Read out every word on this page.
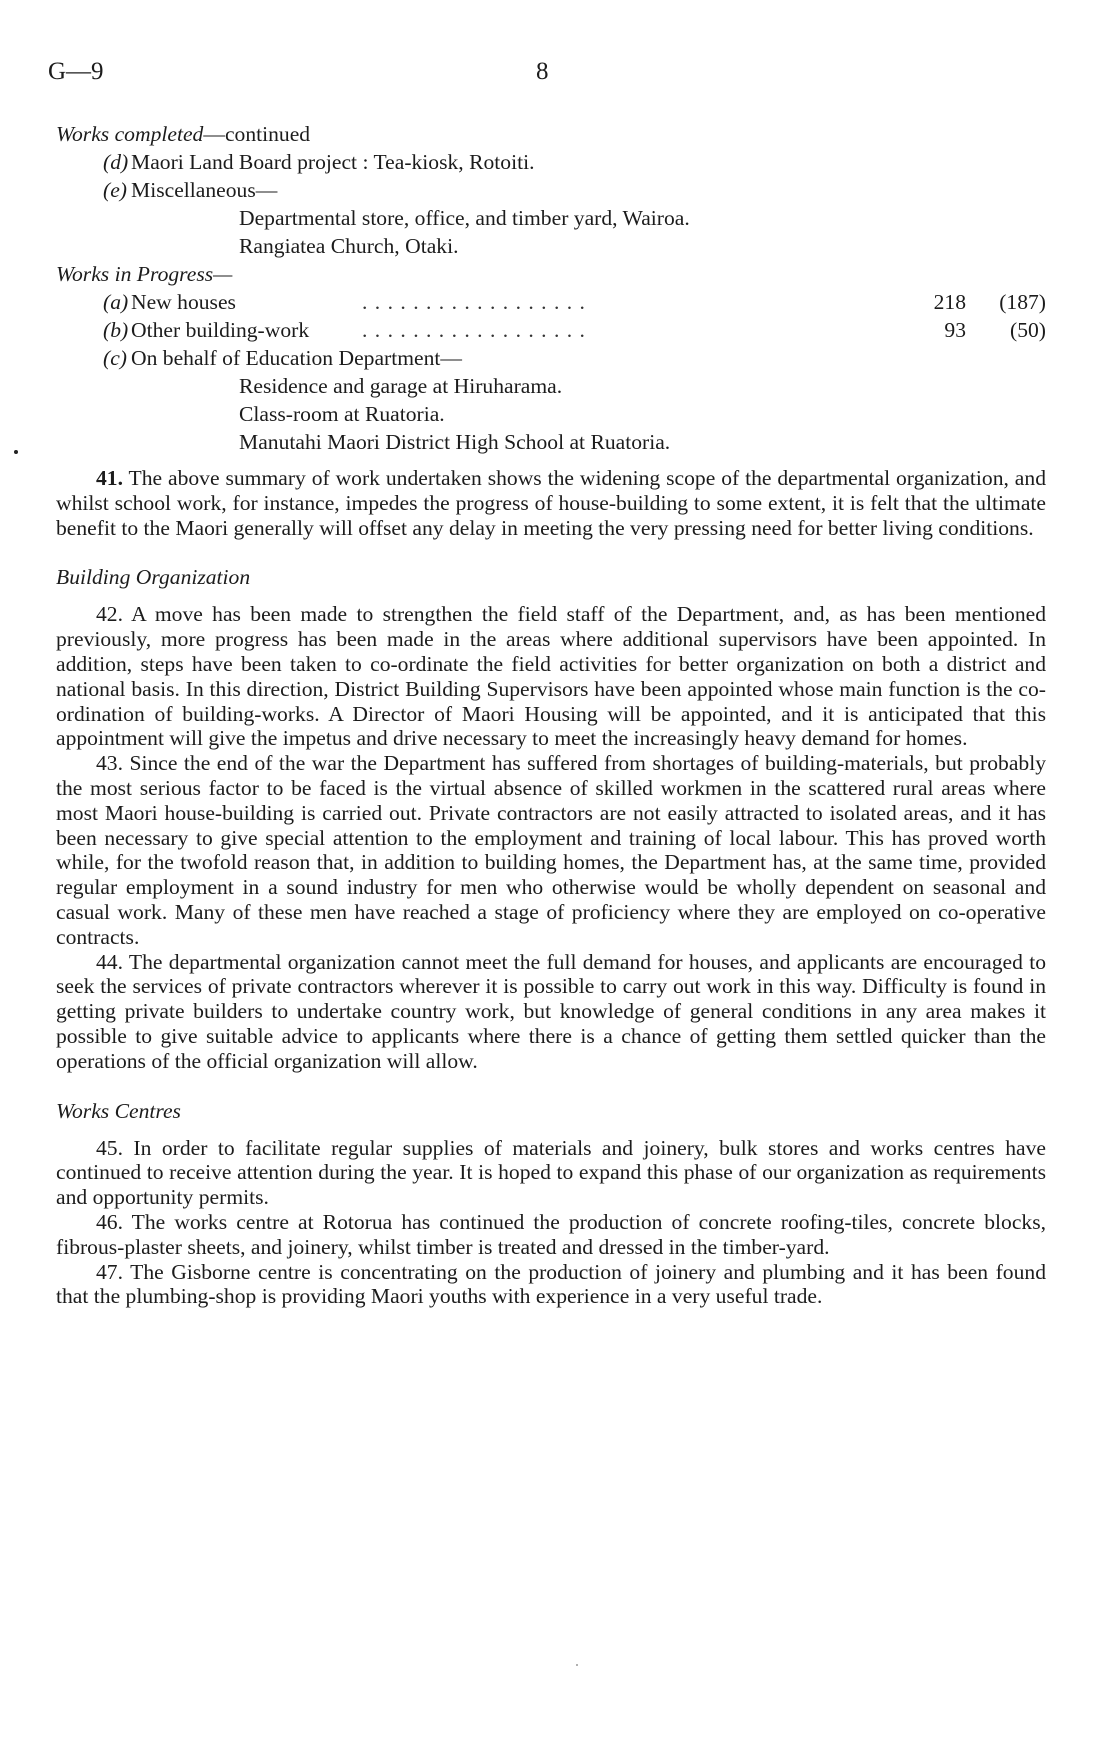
G—9	8
Works completed—continued
(d) Maori Land Board project : Tea-kiosk, Rotoiti.
(e) Miscellaneous—
Departmental store, office, and timber yard, Wairoa.
Rangiatea Church, Otaki.
Works in Progress—
(a) New houses	. . . . . . . . . . . . . . . . . .	218 (187)
(b) Other building-work . . . . . . . . . . . . . . . . . .	93 (50)
(c) On behalf of Education Department—
Residence and garage at Hiruharama.
Class-room at Ruatoria.
Manutahi Maori District High School at Ruatoria.

41. The above summary of work undertaken shows the widening scope of the departmental organization, and whilst school work, for instance, impedes the progress of house-building to some extent, it is felt that the ultimate benefit to the Maori generally will offset any delay in meeting the very pressing need for better living conditions.

Building Organization

42. A move has been made to strengthen the field staff of the Department, and, as has been mentioned previously, more progress has been made in the areas where additional supervisors have been appointed. In addition, steps have been taken to co-ordinate the field activities for better organization on both a district and national basis. In this direction, District Building Supervisors have been appointed whose main function is the co-ordination of building-works. A Director of Maori Housing will be appointed, and it is anticipated that this appointment will give the impetus and drive necessary to meet the increasingly heavy demand for homes.

43. Since the end of the war the Department has suffered from shortages of building-materials, but probably the most serious factor to be faced is the virtual absence of skilled workmen in the scattered rural areas where most Maori house-building is carried out. Private contractors are not easily attracted to isolated areas, and it has been necessary to give special attention to the employment and training of local labour. This has proved worth while, for the twofold reason that, in addition to building homes, the Department has, at the same time, provided regular employment in a sound industry for men who otherwise would be wholly dependent on seasonal and casual work. Many of these men have reached a stage of proficiency where they are employed on co-operative contracts.

44. The departmental organization cannot meet the full demand for houses, and applicants are encouraged to seek the services of private contractors wherever it is possible to carry out work in this way. Difficulty is found in getting private builders to undertake country work, but knowledge of general conditions in any area makes it possible to give suitable advice to applicants where there is a chance of getting them settled quicker than the operations of the official organization will allow.

Works Centres

45. In order to facilitate regular supplies of materials and joinery, bulk stores and works centres have continued to receive attention during the year. It is hoped to expand this phase of our organization as requirements and opportunity permits.

46. The works centre at Rotorua has continued the production of concrete roofing-tiles, concrete blocks, fibrous-plaster sheets, and joinery, whilst timber is treated and dressed in the timber-yard.

47. The Gisborne centre is concentrating on the production of joinery and plumbing and it has been found that the plumbing-shop is providing Maori youths with experience in a very useful trade.
